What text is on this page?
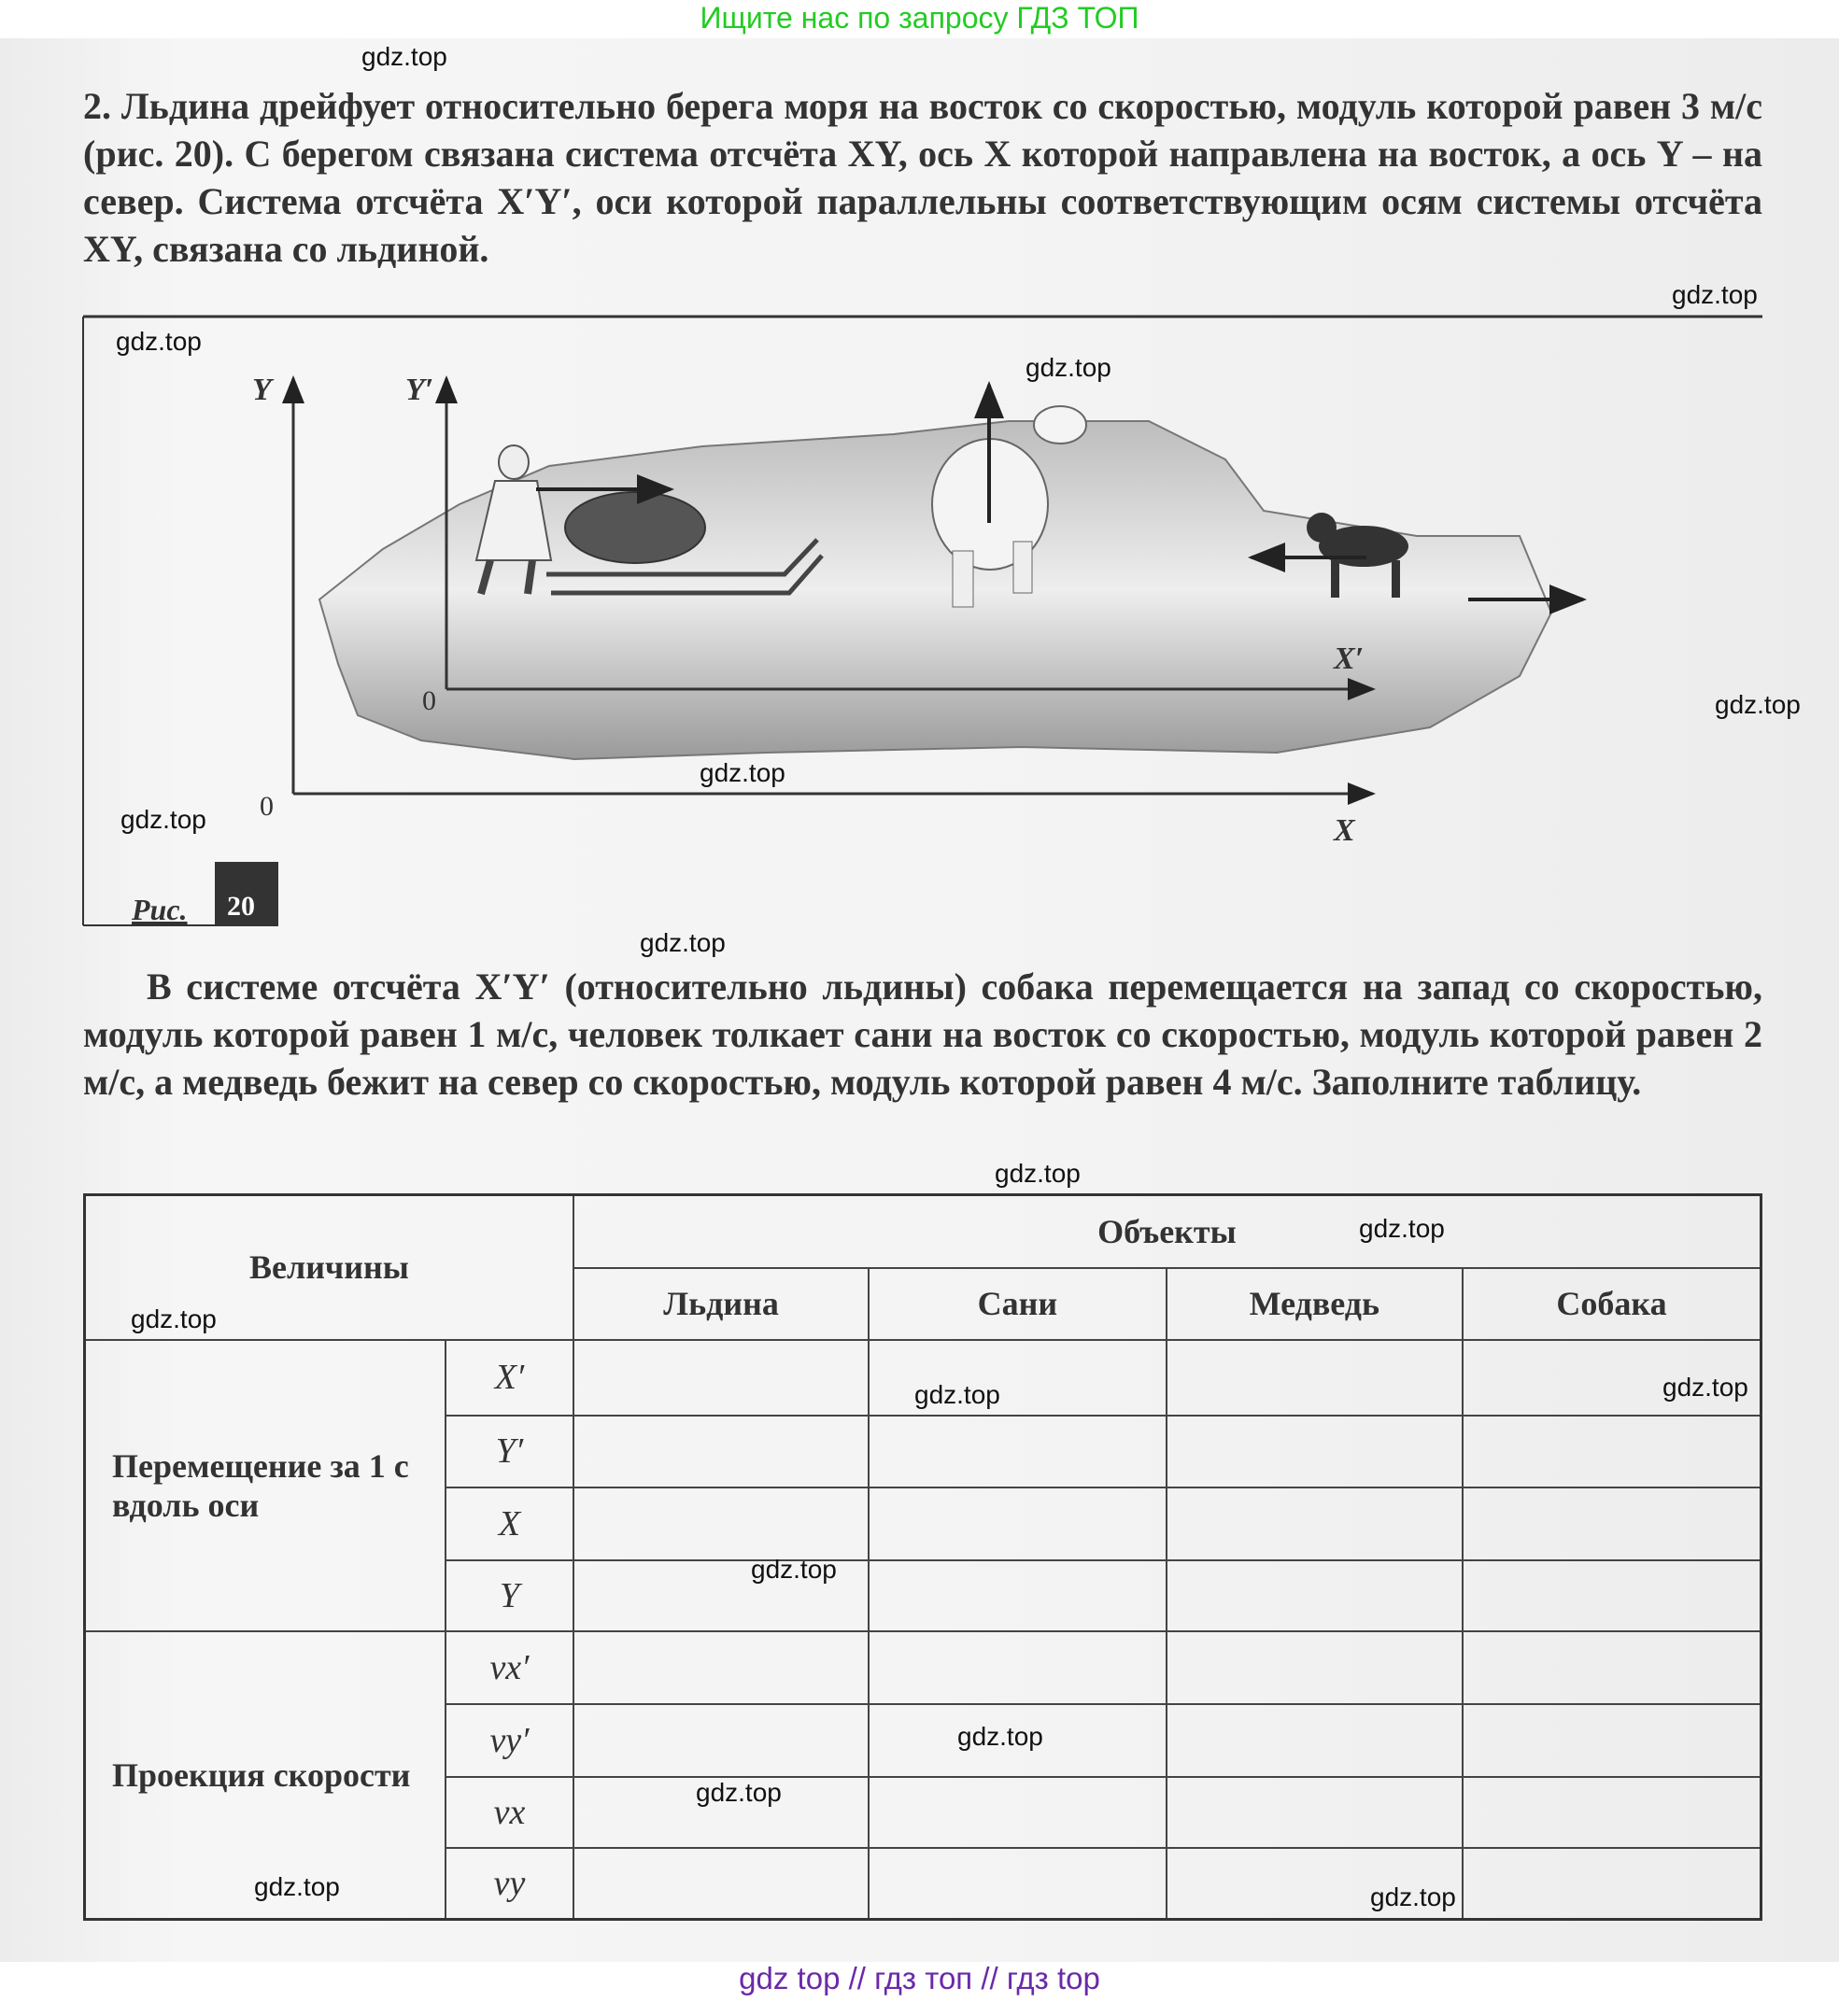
Ищите нас по запросу ГДЗ ТОП
2. Льдина дрейфует относительно берега моря на восток со скоростью, модуль которой равен 3 м/с (рис. 20). С берегом связана система отсчёта XY, ось X которой направлена на восток, а ось Y – на север. Система отсчёта X′Y′, оси которой параллельны соответствующим осям системы отсчёта XY, связана со льдиной.
Y	Y′
0
0
X
X′
Рис. 20
В системе отсчёта X′Y′ (относительно льдины) собака перемещается на запад со скоростью, модуль которой равен 1 м/с, человек толкает сани на восток со скоростью, модуль которой равен 2 м/с, а медведь бежит на север со скоростью, модуль которой равен 4 м/с. Заполните таблицу.
Величины		Объекты			
		Льдина	Сани	Медведь	Собака
Перемещение за 1 с вдоль оси	X′				
	Y′				
	X				
	Y				
Проекция скорости	vx′				
	vy′				
	vx				
	vy				
gdz.top
gdz.top
gdz.top
gdz.top
gdz.top
gdz.top
gdz.top
gdz.top
gdz.top
gdz.top
gdz.top
gdz.top
gdz.top
gdz.top
gdz.top
gdz.top
gdz.top	gdz.top
gdz top // гдз топ // гдз top
